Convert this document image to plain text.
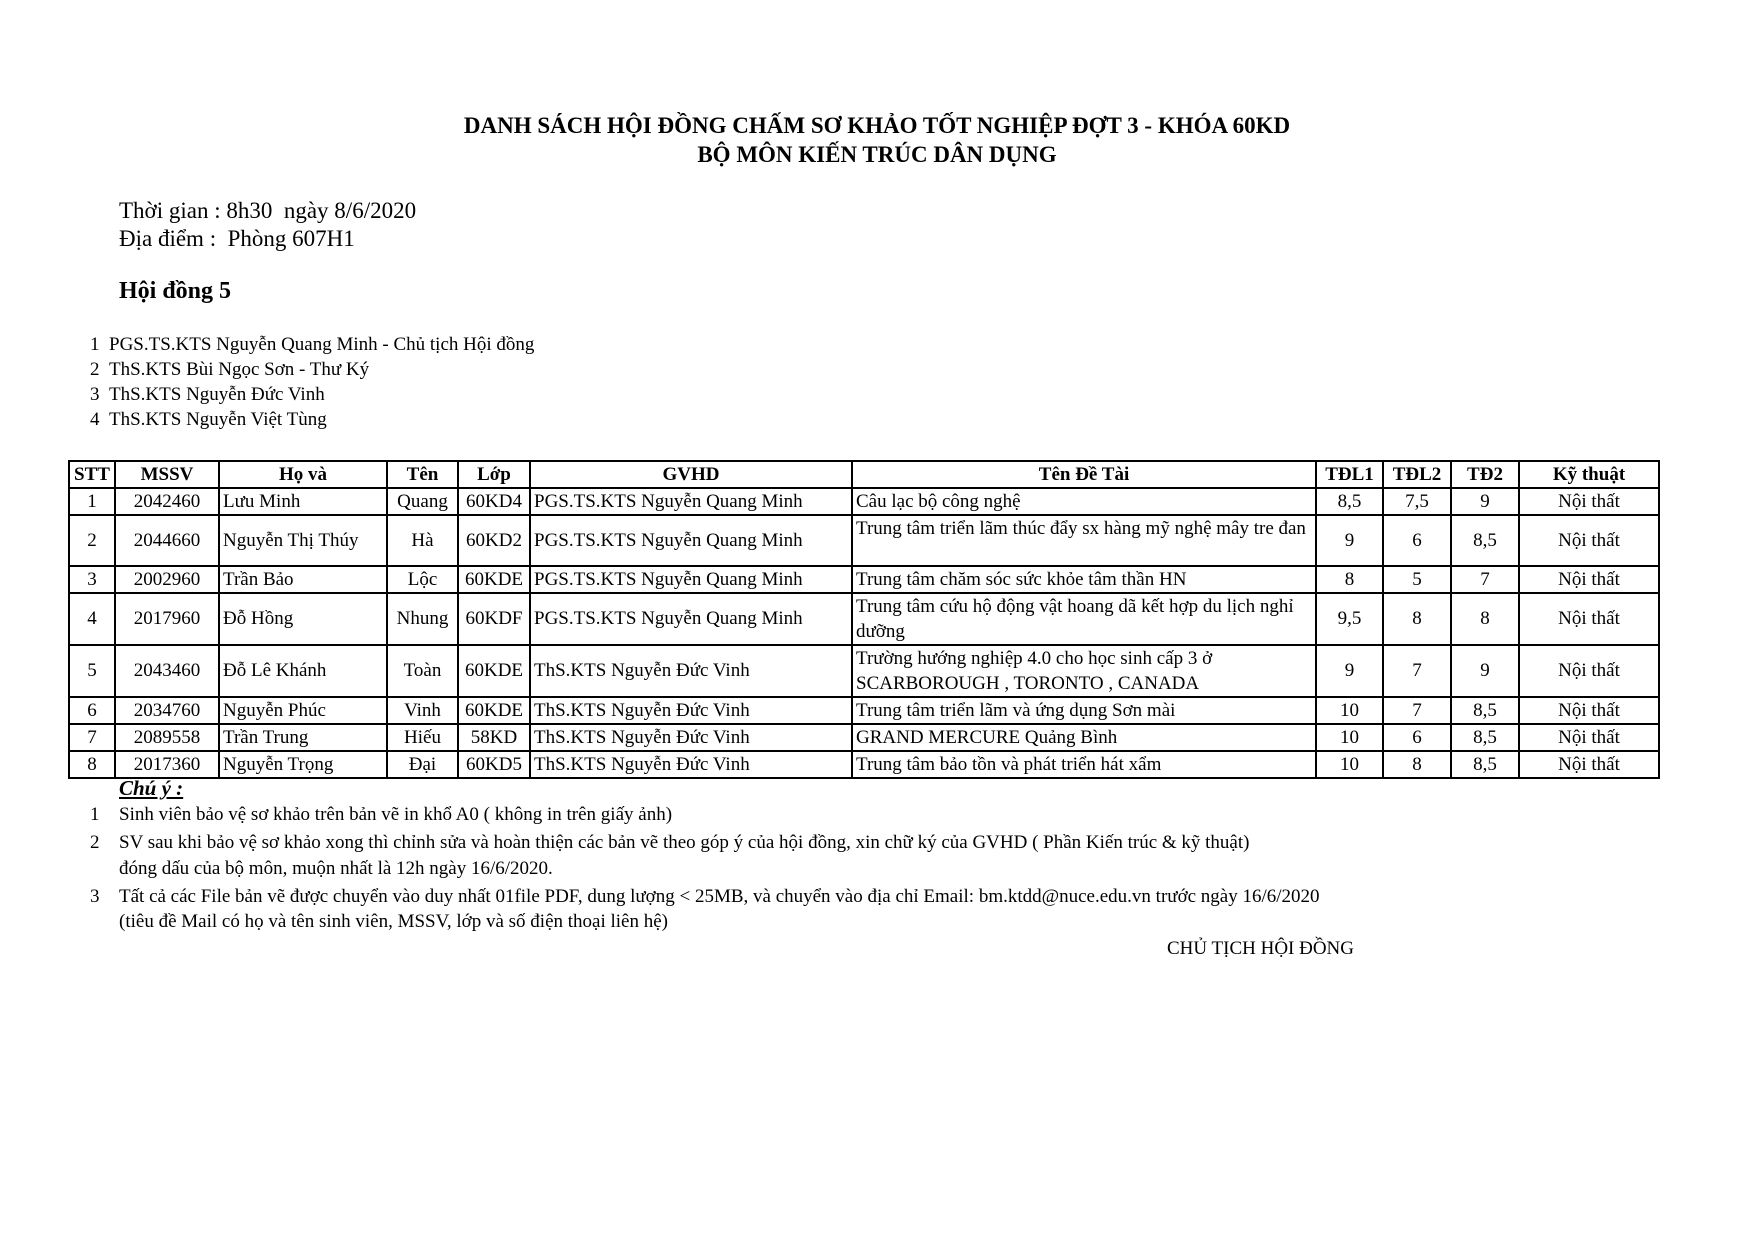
DANH SÁCH HỘI ĐỒNG CHẤM SƠ KHẢO TỐT NGHIỆP ĐỢT 3 - KHÓA 60KD
BỘ MÔN KIẾN TRÚC DÂN DỤNG
Thời gian : 8h30  ngày 8/6/2020
Địa điểm :  Phòng 607H1
Hội đồng 5
1 PGS.TS.KTS Nguyễn Quang Minh - Chủ tịch Hội đồng
2 ThS.KTS Bùi Ngọc Sơn - Thư Ký
3 ThS.KTS Nguyễn Đức Vinh
4 ThS.KTS Nguyễn Việt Tùng
STT	MSSV	Họ và	Tên	Lớp	GVHD	Tên Đề Tài	TĐL1	TĐL2	TĐ2	Kỹ thuật
1	2042460	Lưu Minh	Quang	60KD4	PGS.TS.KTS Nguyễn Quang Minh	Câu lạc bộ công nghệ	8,5	7,5	9	Nội thất
2	2044660	Nguyễn Thị Thúy	Hà	60KD2	PGS.TS.KTS Nguyễn Quang Minh	Trung tâm triển lãm thúc đẩy sx hàng mỹ nghệ mây tre đan	9	6	8,5	Nội thất
3	2002960	Trần Bảo	Lộc	60KDE	PGS.TS.KTS Nguyễn Quang Minh	Trung tâm chăm sóc sức khỏe tâm thần HN	8	5	7	Nội thất
4	2017960	Đỗ Hồng	Nhung	60KDF	PGS.TS.KTS Nguyễn Quang Minh	Trung tâm cứu hộ động vật hoang dã kết hợp du lịch nghỉ dưỡng	9,5	8	8	Nội thất
5	2043460	Đỗ Lê Khánh	Toàn	60KDE	ThS.KTS Nguyễn Đức Vinh	Trường hướng nghiệp 4.0 cho học sinh cấp 3 ở SCARBOROUGH , TORONTO , CANADA	9	7	9	Nội thất
6	2034760	Nguyễn Phúc	Vinh	60KDE	ThS.KTS Nguyễn Đức Vinh	Trung tâm triển lãm và ứng dụng Sơn mài	10	7	8,5	Nội thất
7	2089558	Trần Trung	Hiếu	58KD	ThS.KTS Nguyễn Đức Vinh	GRAND MERCURE Quảng Bình	10	6	8,5	Nội thất
8	2017360	Nguyễn Trọng	Đại	60KD5	ThS.KTS Nguyễn Đức Vinh	Trung tâm bảo tồn và phát triển hát xẩm	10	8	8,5	Nội thất
Chú ý :
1 Sinh viên bảo vệ sơ khảo trên bản vẽ in khổ A0 ( không in trên giấy ảnh)
2 SV sau khi bảo vệ sơ khảo xong thì chỉnh sửa và hoàn thiện các bản vẽ theo góp ý của hội đồng, xin chữ ký của GVHD ( Phần Kiến trúc & kỹ thuật)
đóng dấu của bộ môn, muộn nhất là 12h ngày 16/6/2020.
3 Tất cả các File bản vẽ được chuyển vào duy nhất 01file PDF, dung lượng < 25MB, và chuyển vào địa chỉ Email: bm.ktdd@nuce.edu.vn trước ngày 16/6/2020
(tiêu đề Mail có họ và tên sinh viên, MSSV, lớp và số điện thoại liên hệ)
CHỦ TỊCH HỘI ĐỒNG
